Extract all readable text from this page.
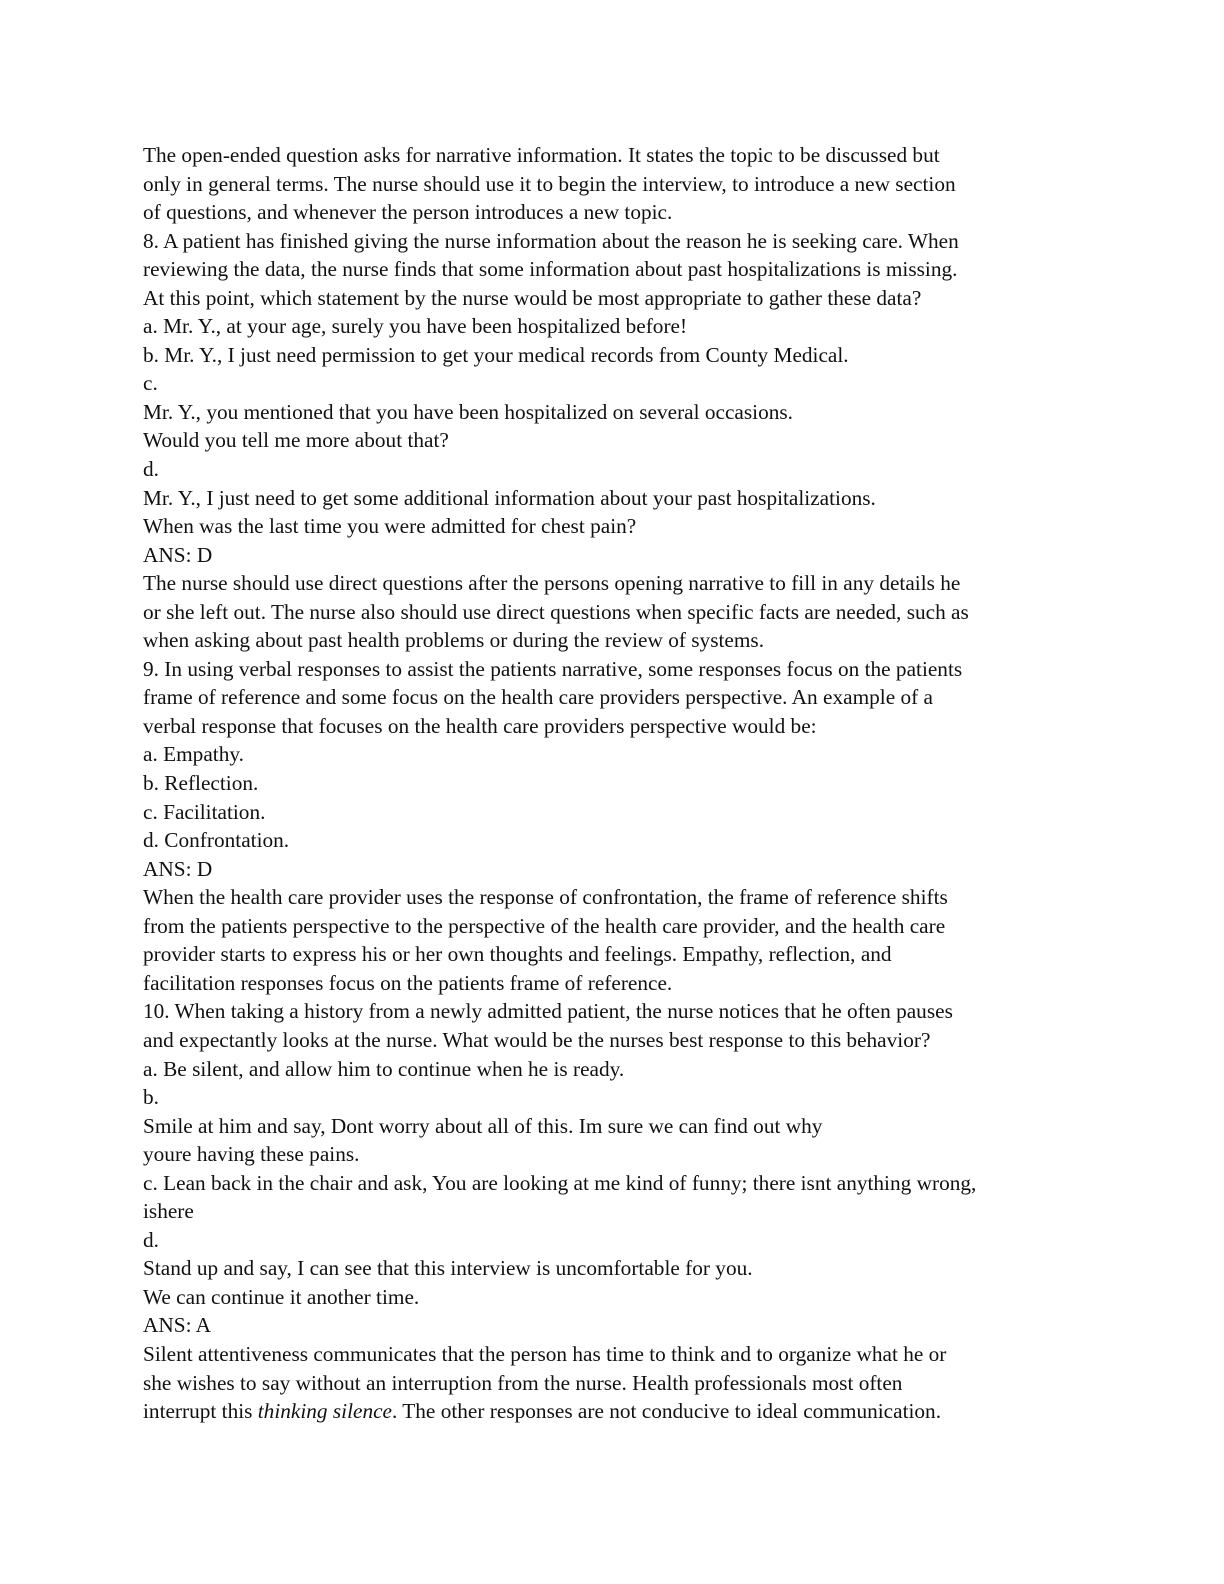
The open-ended question asks for narrative information. It states the topic to be discussed but
only in general terms. The nurse should use it to begin the interview, to introduce a new section
of questions, and whenever the person introduces a new topic.
8. A patient has finished giving the nurse information about the reason he is seeking care. When
reviewing the data, the nurse finds that some information about past hospitalizations is missing.
At this point, which statement by the nurse would be most appropriate to gather these data?
a. Mr. Y., at your age, surely you have been hospitalized before!
b. Mr. Y., I just need permission to get your medical records from County Medical.
c.
Mr. Y., you mentioned that you have been hospitalized on several occasions.
Would you tell me more about that?
d.
Mr. Y., I just need to get some additional information about your past hospitalizations.
When was the last time you were admitted for chest pain?
ANS: D
The nurse should use direct questions after the persons opening narrative to fill in any details he
or she left out. The nurse also should use direct questions when specific facts are needed, such as
when asking about past health problems or during the review of systems.
9. In using verbal responses to assist the patients narrative, some responses focus on the patients
frame of reference and some focus on the health care providers perspective. An example of a
verbal response that focuses on the health care providers perspective would be:
a. Empathy.
b. Reflection.
c. Facilitation.
d. Confrontation.
ANS: D
When the health care provider uses the response of confrontation, the frame of reference shifts
from the patients perspective to the perspective of the health care provider, and the health care
provider starts to express his or her own thoughts and feelings. Empathy, reflection, and
facilitation responses focus on the patients frame of reference.
10. When taking a history from a newly admitted patient, the nurse notices that he often pauses
and expectantly looks at the nurse. What would be the nurses best response to this behavior?
a. Be silent, and allow him to continue when he is ready.
b.
Smile at him and say, Dont worry about all of this. Im sure we can find out why
youre having these pains.
c. Lean back in the chair and ask, You are looking at me kind of funny; there isnt anything wrong,
ishere
d.
Stand up and say, I can see that this interview is uncomfortable for you.
We can continue it another time.
ANS: A
Silent attentiveness communicates that the person has time to think and to organize what he or
she wishes to say without an interruption from the nurse. Health professionals most often
interrupt this thinking silence. The other responses are not conducive to ideal communication.
